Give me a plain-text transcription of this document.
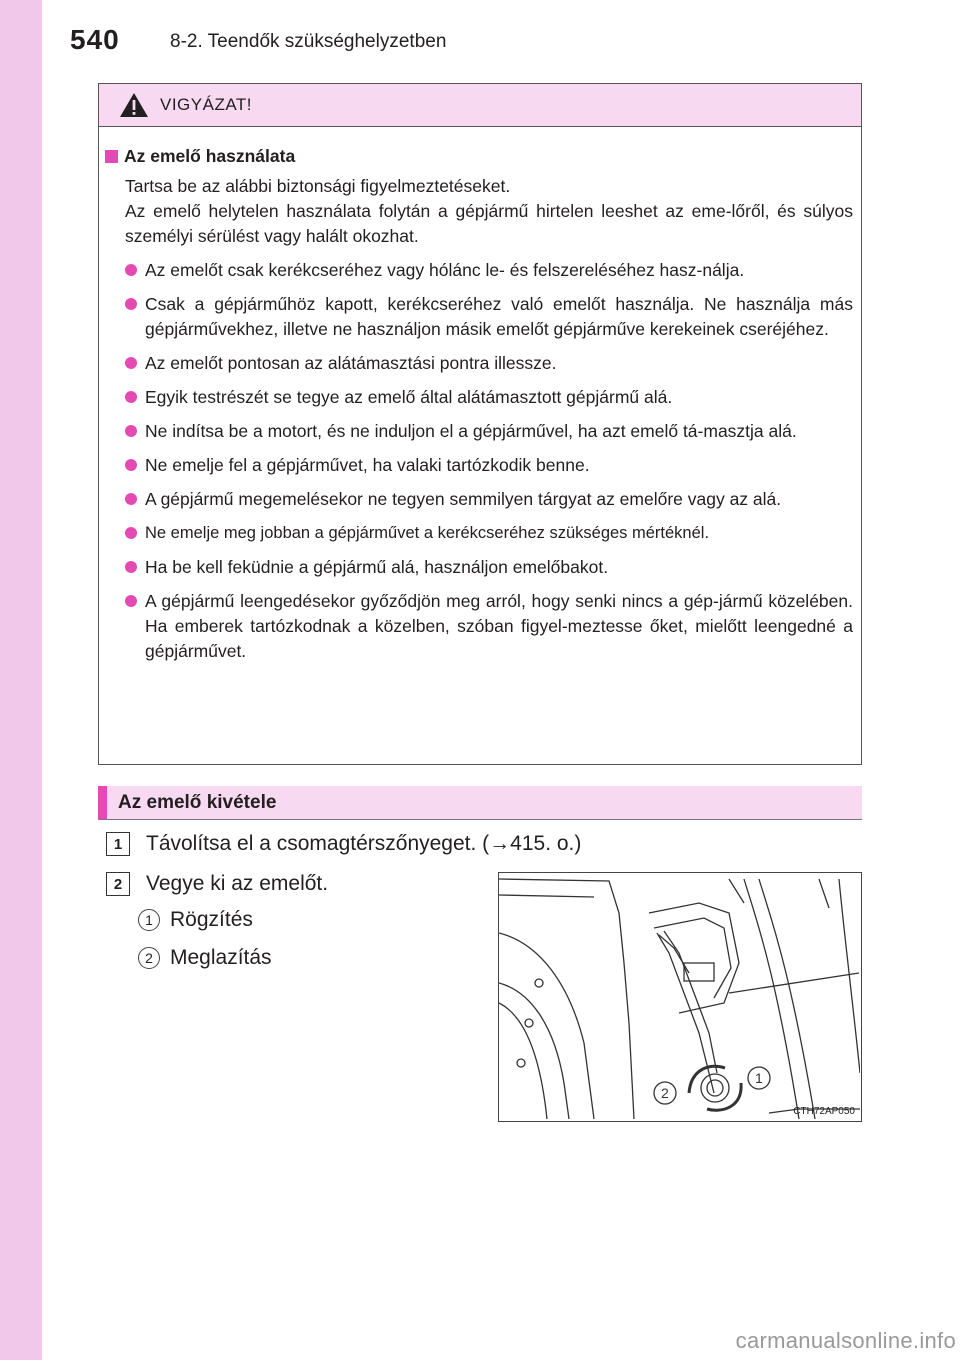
540	8-2. Teendők szükséghelyzetben
VIGYÁZAT!
Az emelő használata
Tartsa be az alábbi biztonsági figyelmeztetéseket.
Az emelő helytelen használata folytán a gépjármű hirtelen leeshet az eme-lőről, és súlyos személyi sérülést vagy halált okozhat.
Az emelőt csak kerékcseréhez vagy hólánc le- és felszereléséhez hasz-nálja.
Csak a gépjárműhöz kapott, kerékcseréhez való emelőt használja. Ne használja más gépjárművekhez, illetve ne használjon másik emelőt gépjárműve kerekeinek cseréjéhez.
Az emelőt pontosan az alátámasztási pontra illessze.
Egyik testrészét se tegye az emelő által alátámasztott gépjármű alá.
Ne indítsa be a motort, és ne induljon el a gépjárművel, ha azt emelő tá-masztja alá.
Ne emelje fel a gépjárművet, ha valaki tartózkodik benne.
A gépjármű megemelésekor ne tegyen semmilyen tárgyat az emelőre vagy az alá.
Ne emelje meg jobban a gépjárművet a kerékcseréhez szükséges mértéknél.
Ha be kell feküdnie a gépjármű alá, használjon emelőbakot.
A gépjármű leengedésekor győződjön meg arról, hogy senki nincs a gép-jármű közelében. Ha emberek tartózkodnak a közelben, szóban figyel-meztesse őket, mielőtt leengedné a gépjárművet.
Az emelő kivétele
1	Távolítsa el a csomagtérszőnyeget. (→415. o.)
2	Vegye ki az emelőt.
1 Rögzítés
2 Meglazítás
2
1
CTH72AP050
carmanualsonline.info
